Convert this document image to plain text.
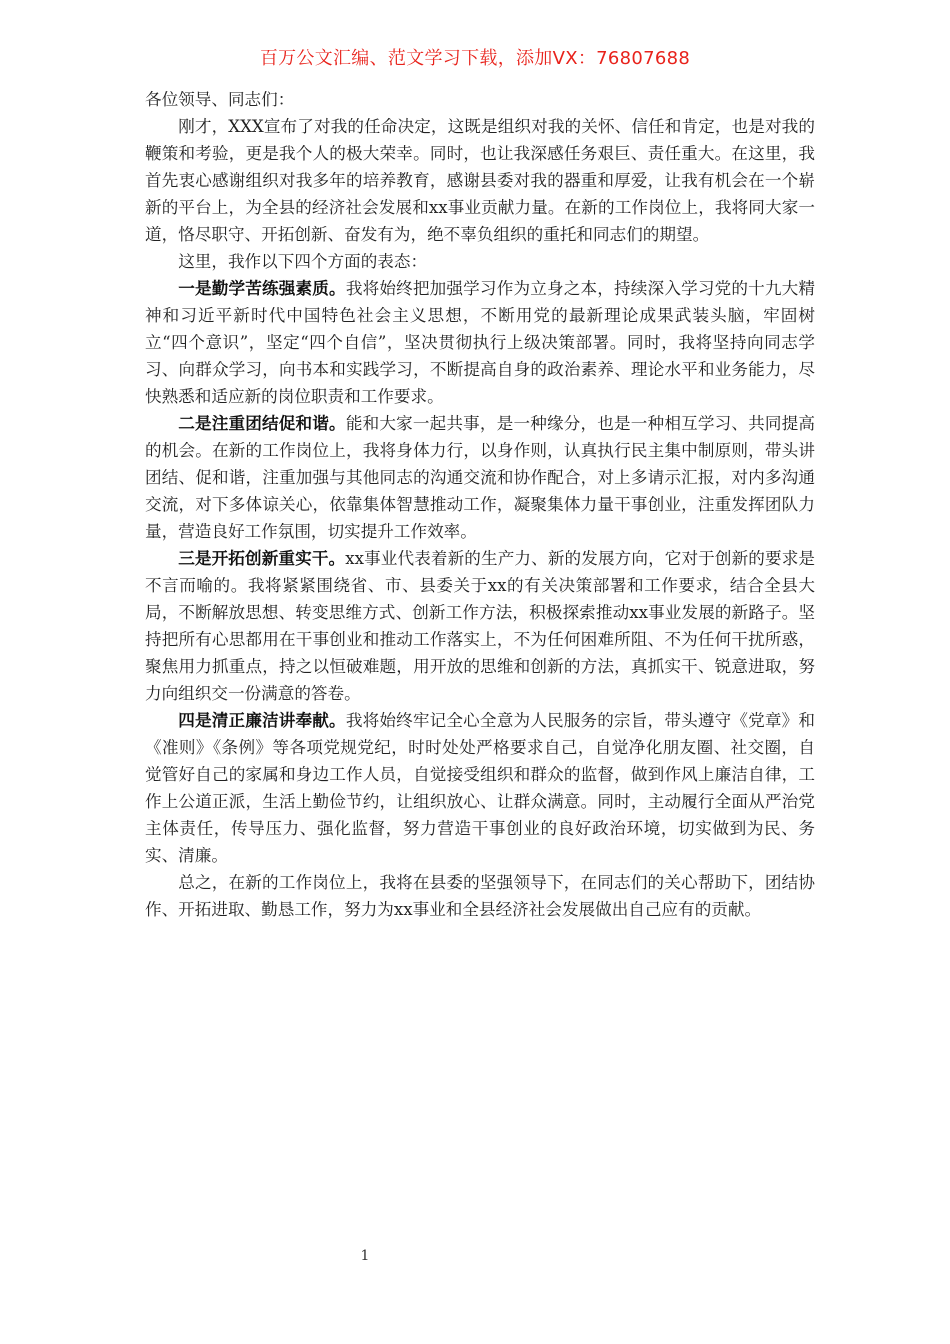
百万公文汇编、范文学习下载，添加VX：76807688

各位领导、同志们：

刚才，XXX宣布了对我的任命决定，这既是组织对我的关怀、信任和肯定，也是对我的鞭策和考验，更是我个人的极大荣幸。同时，也让我深感任务艰巨、责任重大。在这里，我首先衷心感谢组织对我多年的培养教育，感谢县委对我的器重和厚爱，让我有机会在一个崭新的平台上，为全县的经济社会发展和xx事业贡献力量。在新的工作岗位上，我将同大家一道，恪尽职守、开拓创新、奋发有为，绝不辜负组织的重托和同志们的期望。

这里，我作以下四个方面的表态：

一是勤学苦练强素质。我将始终把加强学习作为立身之本，持续深入学习党的十九大精神和习近平新时代中国特色社会主义思想，不断用党的最新理论成果武装头脑，牢固树立“四个意识”，坚定“四个自信”，坚决贯彻执行上级决策部署。同时，我将坚持向同志学习、向群众学习，向书本和实践学习，不断提高自身的政治素养、理论水平和业务能力，尽快熟悉和适应新的岗位职责和工作要求。

二是注重团结促和谐。能和大家一起共事，是一种缘分，也是一种相互学习、共同提高的机会。在新的工作岗位上，我将身体力行，以身作则，认真执行民主集中制原则，带头讲团结、促和谐，注重加强与其他同志的沟通交流和协作配合，对上多请示汇报，对内多沟通交流，对下多体谅关心，依靠集体智慧推动工作，凝聚集体力量干事创业，注重发挥团队力量，营造良好工作氛围，切实提升工作效率。

三是开拓创新重实干。xx事业代表着新的生产力、新的发展方向，它对于创新的要求是不言而喻的。我将紧紧围绕省、市、县委关于xx的有关决策部署和工作要求，结合全县大局，不断解放思想、转变思维方式、创新工作方法，积极探索推动xx事业发展的新路子。坚持把所有心思都用在干事创业和推动工作落实上，不为任何困难所阻、不为任何干扰所惑，聚焦用力抓重点，持之以恒破难题，用开放的思维和创新的方法，真抓实干、锐意进取，努力向组织交一份满意的答卷。

四是清正廉洁讲奉献。我将始终牢记全心全意为人民服务的宗旨，带头遵守《党章》和《准则》《条例》等各项党规党纪，时时处处严格要求自己，自觉净化朋友圈、社交圈，自觉管好自己的家属和身边工作人员，自觉接受组织和群众的监督，做到作风上廉洁自律，工作上公道正派，生活上勤俭节约，让组织放心、让群众满意。同时，主动履行全面从严治党主体责任，传导压力、强化监督，努力营造干事创业的良好政治环境，切实做到为民、务实、清廉。

总之，在新的工作岗位上，我将在县委的坚强领导下，在同志们的关心帮助下，团结协作、开拓进取、勤恳工作，努力为xx事业和全县经济社会发展做出自己应有的贡献。

1
